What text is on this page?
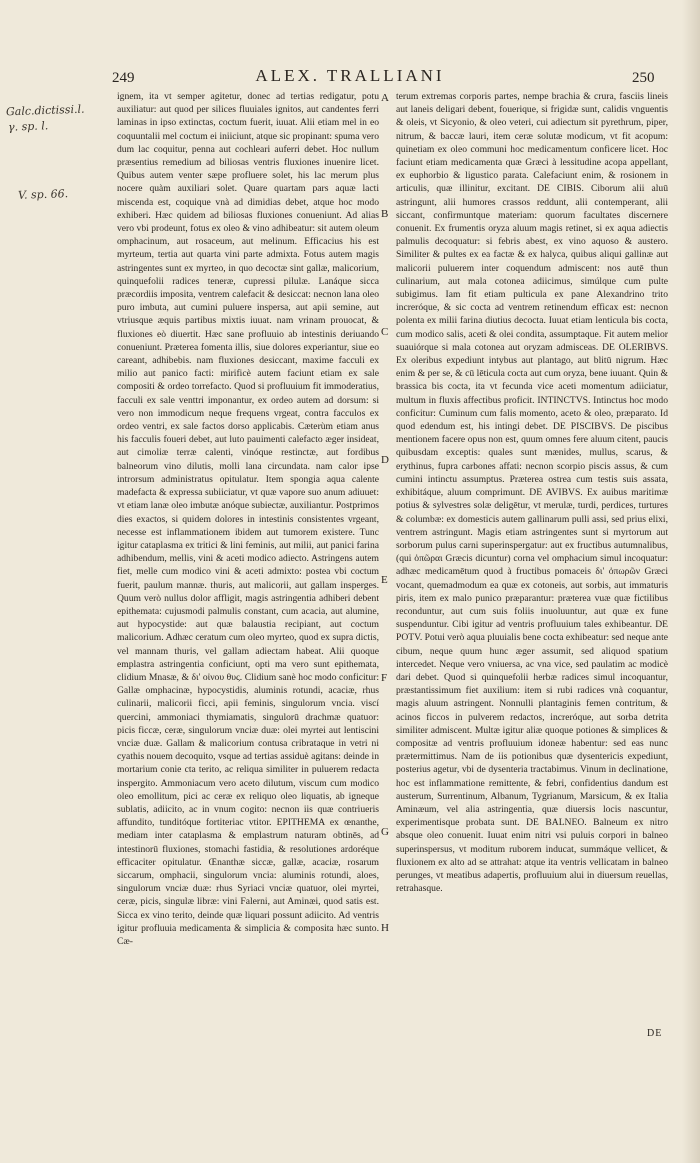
249	ALEX. TRALLIANI	250
Galc.dictissi.l.
γ. sp. l.
V. sp. 66.

ignem, ita vt semper agitetur, donec ad tertias redigatur, potu auxiliatur: aut quod per silices fluuiales ignitos, aut candentes ferri laminas in ipso extinctas, coctum fuerit, iuuat. Alii etiam mel in eo coquuntalii mel coctum ei iniiciunt, atque sic propinant: spuma vero dum lac coquitur, penna aut cochleari auferri debet. Hoc nullum præsentius remedium ad biliosas ventris fluxiones inuenire licet. Quibus autem venter sæpe profluere solet, his lac merum plus nocere quàm auxiliari solet. Quare quartam pars aquæ lacti miscenda est, coquique vnà ad dimidias debet, atque hoc modo exhiberi. Hæc quidem ad biliosas fluxiones conueniunt. Ad alias vero vbi prodeunt, fotus ex oleo & vino adhibeatur: sit autem oleum omphacinum, aut rosaceum, aut melinum. Efficacius his est myrteum, tertia aut quarta vini parte admixta. Fotus autem magis astringentes sunt ex myrteo, in quo decoctæ sint gallæ, malicorium, quinquefolii radices teneræ, cupressi pilulæ. Lanáque sicca præcordiis imposita, ventrem calefacit & desiccat: necnon lana oleo puro imbuta, aut cumini puluere inspersa, aut apii semine, aut vtriusque æquis partibus mixtis iuuat. nam vrinam prouocat, & fluxiones eò diuertit. Hæc sane profluuio ab intestinis deriuando conueniunt. Præterea fomenta illis, siue dolores experiantur, siue eo careant, adhibebis. nam fluxiones desiccant, maxime facculi ex milio aut panico facti: mirificè autem faciunt etiam ex sale compositi & ordeo torrefacto. Quod si profluuium fit immoderatius, facculi ex sale venttri imponantur, ex ordeo autem ad dorsum: si vero non immodicum neque frequens vrgeat, contra facculos ex ordeo ventri, ex sale factos dorso applicabis. Cæterùm etiam anus his facculis foueri debet, aut luto pauimenti calefacto æger insideat, aut cimoliæ terræ calenti, vinóque restinctæ, aut fordibus balneorum vino dilutis, molli lana circundata. nam calor ipse introrsum administratus opitulatur. Item spongia aqua calente madefacta & expressa subiiciatur, vt quæ vapore suo anum adiuuet: vt etiam lanæ oleo imbutæ anóque subiectæ, auxiliantur. Postprimos dies exactos, si quidem dolores in intestinis consistentes vrgeant, necesse est inflammationem ibidem aut tumorem existere. Tunc igitur cataplasma ex tritici & lini feminis, aut milii, aut panici farina adhibendum, mellis, vini & aceti modico adiecto. Astringens autem fiet, melle cum modico vini & aceti admixto: postea vbi coctum fuerit, paulum mannæ. thuris, aut malicorii, aut gallam insperges. Quum verò nullus dolor affligit, magis astringentia adhiberi debent epithemata: cujusmodi palmulis constant, cum acacia, aut alumine, aut hypocystide: aut quæ balaustia recipiant, aut coctum malicorium. Adhæc ceratum cum oleo myrteo, quod ex supra dictis, vel mannam thuris, vel gallam adiectam habeat. Alii quoque emplastra astringentia conficiunt, opti ma vero sunt epithemata, clidium Mnasæ, & δι' οἰνου θυς. Clidium sanè hoc modo conficitur: Gallæ omphacinæ, hypocystidis, aluminis rotundi, acaciæ, rhus culinarii, malicorii ficci, apii feminis, singulorum vncia. viscí quercini, ammoniaci thymiamatis, singulorū drachmæ quatuor: picis ficcæ, ceræ, singulorum vnciæ duæ: olei myrtei aut lentiscini vnciæ duæ. Gallam & malicorium contusa cribrataque in vetri ni cyathis nouem decoquito, vsque ad tertias assiduè agitans: deinde in mortarium conie cta terito, ac reliqua similiter in puluerem redacta inspergito. Ammoniacum vero aceto dilutum, viscum cum modico oleo emollitum, pici ac ceræ ex reliquo oleo liquatis, ab igneque sublatis, adiicito, ac in vnum cogito: necnon iis quæ contriueris affundito, tunditóque fortiteriac vtitor. EPITHEMA ex œnanthe, mediam inter cataplasma & emplastrum naturam obtinēs, ad intestinorū fluxiones, stomachi fastidia, & resolutiones ardoréque efficaciter opitulatur. Œnanthæ siccæ, gallæ, acaciæ, rosarum siccarum, omphacii, singulorum vncia: aluminis rotundi, aloes, singulorum vnciæ duæ: rhus Syriaci vnciæ quatuor, olei myrtei, ceræ, picis, singulæ libræ: vini Falerni, aut Aminæi, quod satis est. Sicca ex vino terito, deinde quæ liquari possunt adiicito. Ad ventris igitur profluuia medicamenta & simplicia & composita hæc sunto. Cæ-

A
B
C
D
E
F
G
H

terum extremas corporis partes, nempe brachia & crura, fasciis lineis aut laneis deligari debent, fouerique, si frigidæ sunt, calidis vnguentis & oleis, vt Sicyonio, & oleo veteri, cui adiectum sit pyrethrum, piper, nitrum, & baccæ lauri, item ceræ solutæ modicum, vt fit acopum: quinetiam ex oleo communi hoc medicamentum conficere licet. Hoc faciunt etiam medicamenta quæ Græci à lessitudine acopa appellant, ex euphorbio & ligustico parata. Calefaciunt enim, & rosionem in articulis, quæ illinitur, excitant. DE CIBIS. Ciborum alii aluū astringunt, alii humores crassos reddunt, alii contemperant, alii siccant, confirmuntque materiam: quorum facultates discernere conuenit. Ex frumentis oryza aluum magis retinet, si ex aqua adiectis palmulis decoquatur: si febris abest, ex vino aquoso & austero. Similiter & pultes ex ea factæ & ex halyca, quibus aliqui gallinæ aut malicorii puluerem inter coquendum admiscent: nos autē thun culinarium, aut mala cotonea adiicimus, simúlque cum pulte subigimus. Iam fit etiam pulticula ex pane Alexandrino trito increróque, & sic cocta ad ventrem retinendum efficax est: necnon polenta ex milii farina diutius decocta. Iuuat etiam lenticula bis cocta, cum modico salis, aceti & olei condita, assumptaque. Fit autem melior suauiórque si mala cotonea aut oryzam admisceas. DE OLERIBVS. Ex oleribus expediunt intybus aut plantago, aut blitū nigrum. Hæc enim & per se, & cū lēticula cocta aut cum oryza, bene iuuant. Quin & brassica bis cocta, ita vt fecunda vice aceti momentum adiiciatur, multum in fluxis affectibus proficit. INTINCTVS. Intinctus hoc modo conficitur: Cuminum cum falis momento, aceto & oleo, præparato. Id quod edendum est, his intingi debet. DE PISCIBVS. De piscibus mentionem facere opus non est, quum omnes fere aluum citent, paucis quibusdam exceptis: quales sunt mænides, mullus, scarus, & erythinus, fupra carbones affati: necnon scorpio piscis assus, & cum cumini intinctu assumptus. Præterea ostrea cum testis suis assata, exhibitáque, aluum comprimunt. DE AVIBVS. Ex auibus maritimæ potius & sylvestres solæ deligētur, vt merulæ, turdi, perdices, turtures & columbæ: ex domesticis autem gallinarum pulli assi, sed prius elixi, ventrem astringunt. Magis etiam astringentes sunt si myrtorum aut sorborum pulus carni superinspergatur: aut ex fructibus autumnalibus, (qui ὀπῶραι Græcis dicuntur) corna vel omphacium simul incoquatur: adhæc medicamētum quod à fructibus pomaceis δι' ὀπωρῶν Græci vocant, quemadmodum ea quæ ex cotoneis, aut sorbis, aut immaturis piris, item ex malo punico præparantur: præterea vuæ quæ fictilibus reconduntur, aut cum suis foliis inuoluuntur, aut quæ ex fune suspenduntur. Cibi igitur ad ventris profluuium tales exhibeantur. DE POTV. Potui verò aqua pluuialis bene cocta exhibeatur: sed neque ante cibum, neque quum hunc æger assumit, sed aliquod spatium intercedet. Neque vero vniuersa, ac vna vice, sed paulatim ac modicè dari debet. Quod si quinquefolii herbæ radices simul incoquantur, præstantissimum fiet auxilium: item si rubi radices vnà coquantur, magis aluum astringent. Nonnulli plantaginis femen contritum, & acinos ficcos in pulverem redactos, increróque, aut sorba detrita similiter admiscent. Multæ igitur aliæ quoque potiones & simplices & compositæ ad ventris profluuium idoneæ habentur: sed eas nunc prætermittimus. Nam de iis potionibus quæ dysentericis expediunt, posterius agetur, vbi de dysenteria tractabimus. Vinum in declinatione, hoc est inflammatione remittente, & febri, confidentius dandum est austerum, Surrentinum, Albanum, Tygrianum, Marsicum, & ex Italia Aminæum, vel alia astringentia, quæ diuersis locis nascuntur, experimentisque probata sunt. DE BALNEO. Balneum ex nitro absque oleo conuenit. Iuuat enim nitri vsi puluis corpori in balneo superinspersus, vt moditum ruborem inducat, summáque vellicet, & fluxionem ex alto ad se attrahat: atque ita ventris vellicatam in balneo perunges, vt meatibus adapertis, profluuium alui in diuersum reuellas, retrahasque.

DE
